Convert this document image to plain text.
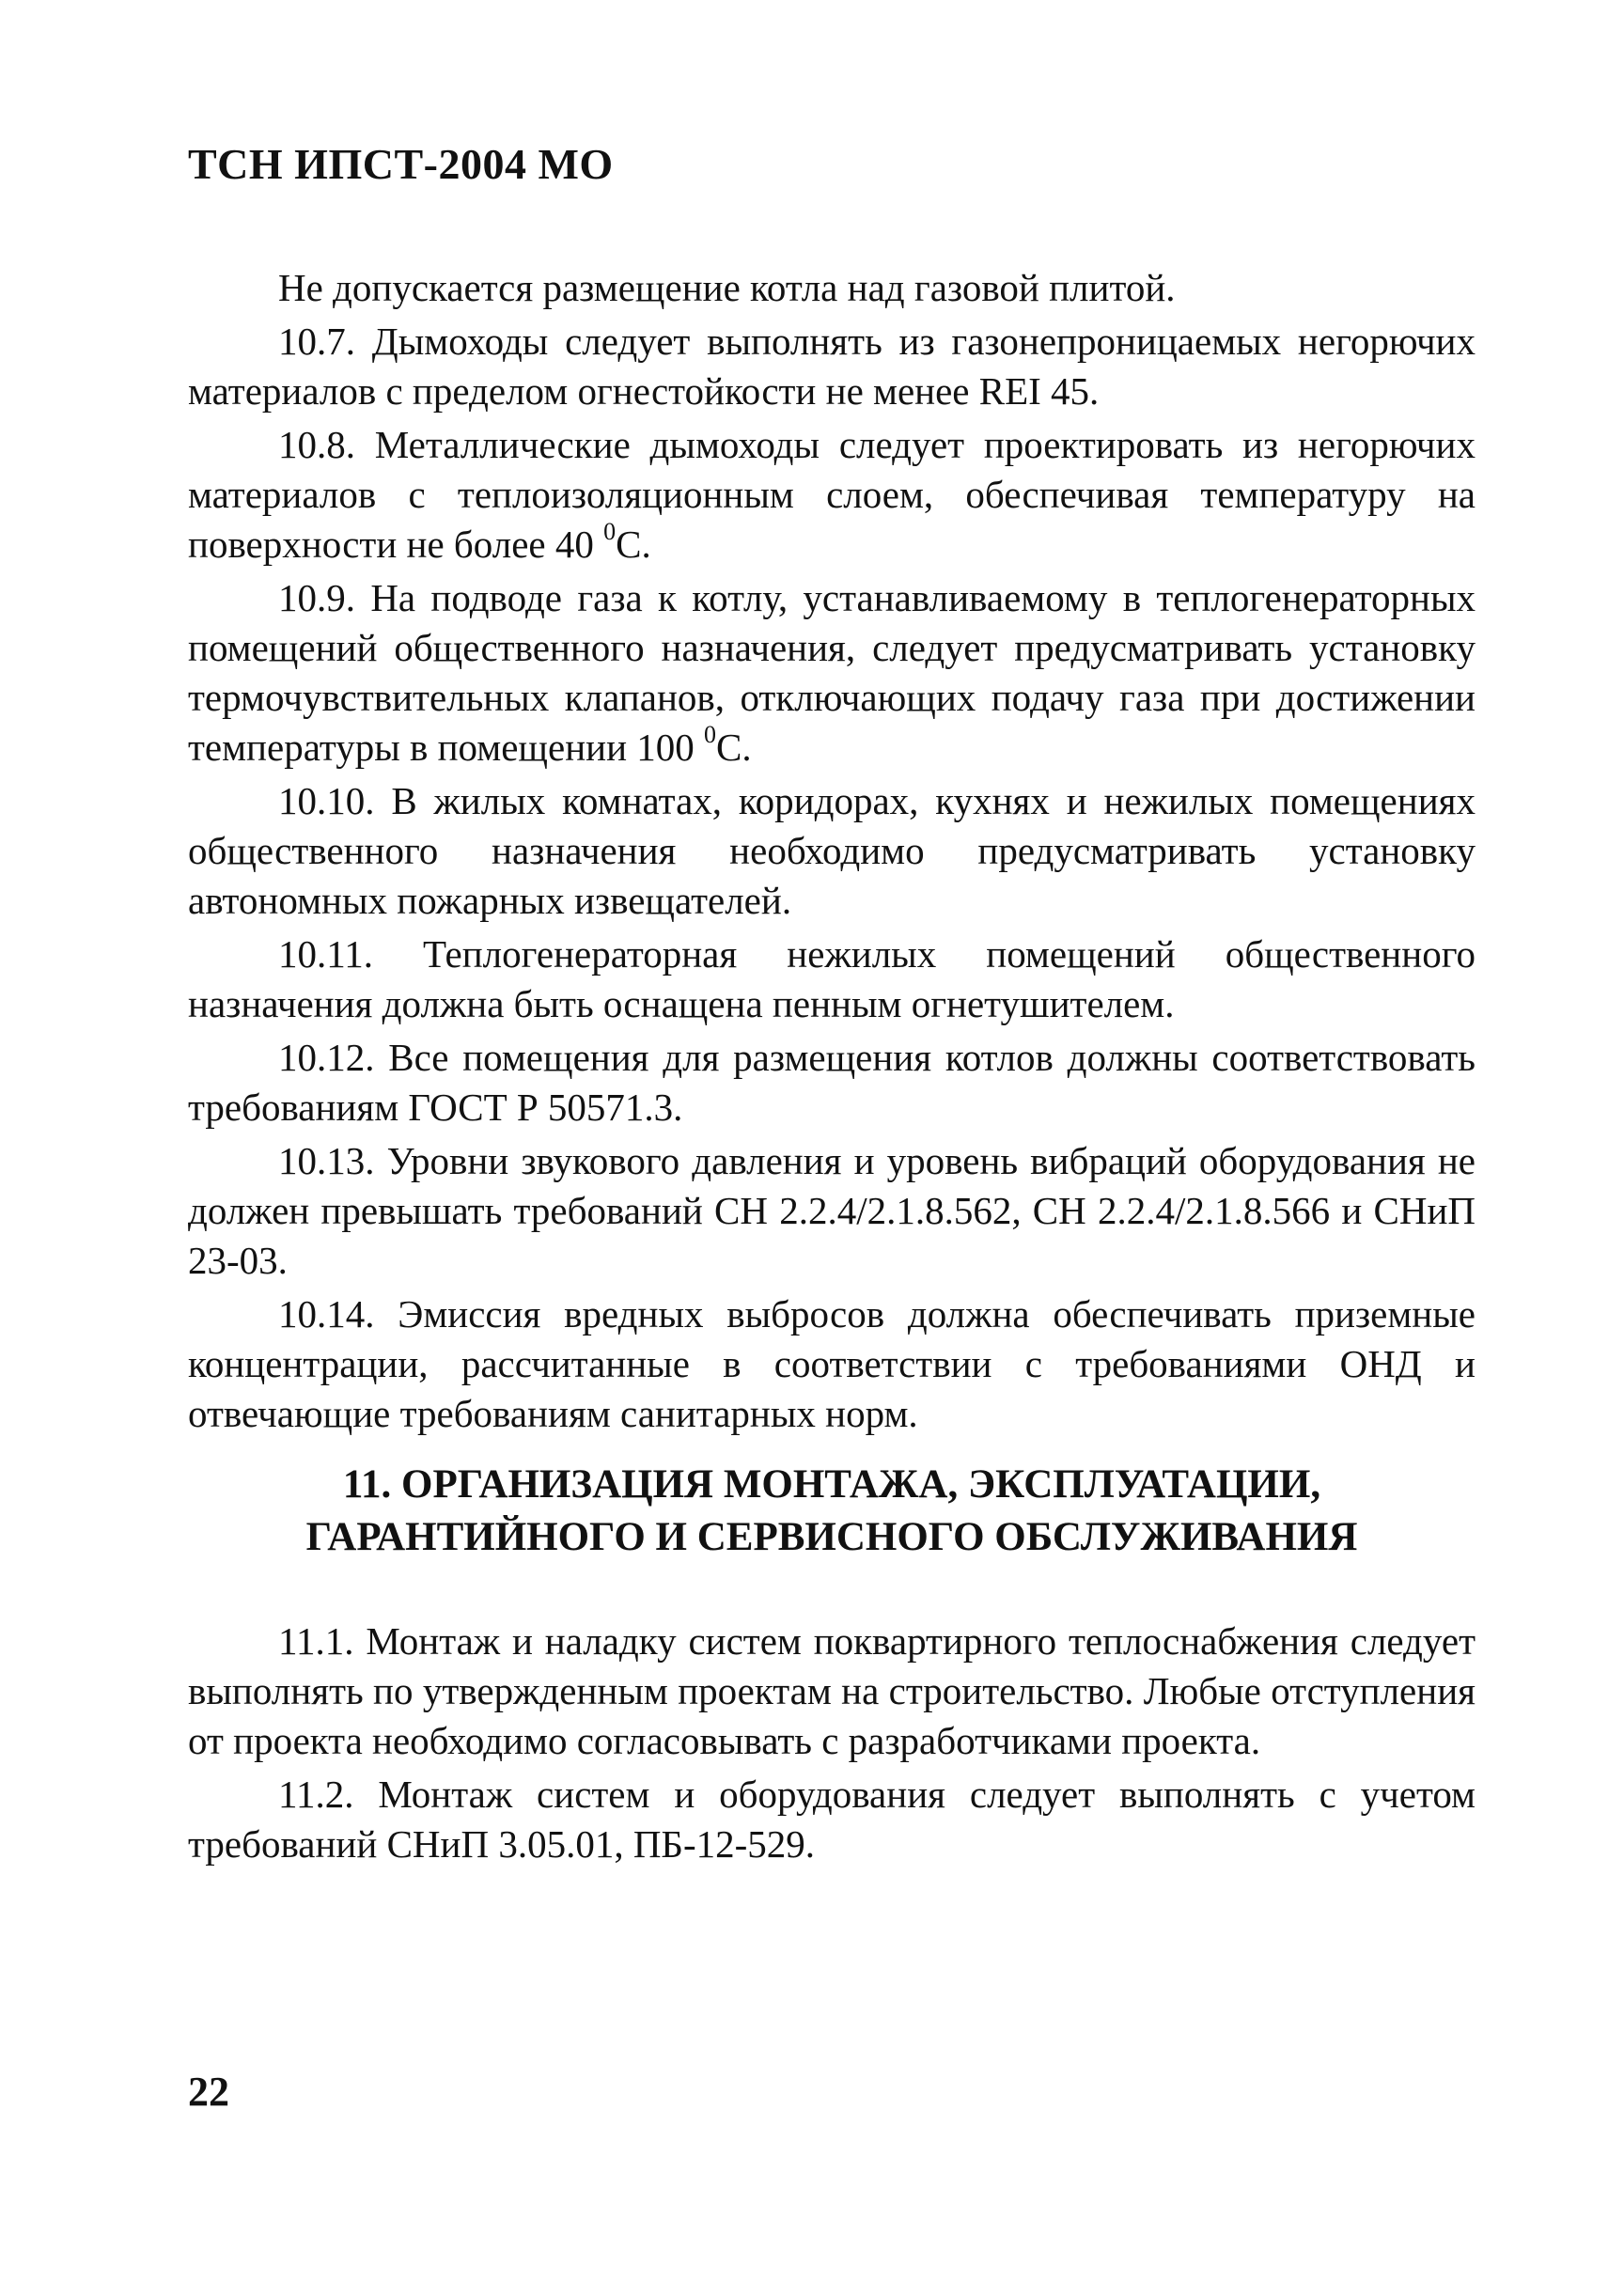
ТСН ИПСТ-2004 МО

Не допускается размещение котла над газовой плитой.

10.7. Дымоходы следует выполнять из газонепроницаемых негорючих материалов с пределом огнестойкости не менее REI 45.

10.8. Металлические дымоходы следует проектировать из негорючих материалов с теплоизоляционным слоем, обеспечивая температуру на поверхности не более 40 $^0$С.

10.9. На подводе газа к котлу, устанавливаемому в теплогенераторных помещений общественного назначения, следует предусматривать установку термочувствительных клапанов, отключающих подачу газа при достижении температуры в помещении 100 $^0$С.

10.10. В жилых комнатах, коридорах, кухнях и нежилых помещениях общественного назначения необходимо предусматривать установку автономных пожарных извещателей.

10.11. Теплогенераторная нежилых помещений общественного назначения должна быть оснащена пенным огнетушителем.

10.12. Все помещения для размещения котлов должны соответствовать требованиям ГОСТ Р 50571.3.

10.13. Уровни звукового давления и уровень вибраций оборудования не должен превышать требований СН 2.2.4/2.1.8.562, СН 2.2.4/2.1.8.566 и СНиП 23-03.

10.14. Эмиссия вредных выбросов должна обеспечивать приземные концентрации, рассчитанные в соответствии с требованиями ОНД и отвечающие требованиям санитарных норм.

11. ОРГАНИЗАЦИЯ МОНТАЖА, ЭКСПЛУАТАЦИИ,
ГАРАНТИЙНОГО И СЕРВИСНОГО ОБСЛУЖИВАНИЯ

11.1. Монтаж и наладку систем поквартирного теплоснабжения следует выполнять по утвержденным проектам на строительство. Любые отступления от проекта необходимо согласовывать с разработчиками проекта.

11.2. Монтаж систем и оборудования следует выполнять с учетом требований СНиП 3.05.01, ПБ-12-529.

22
